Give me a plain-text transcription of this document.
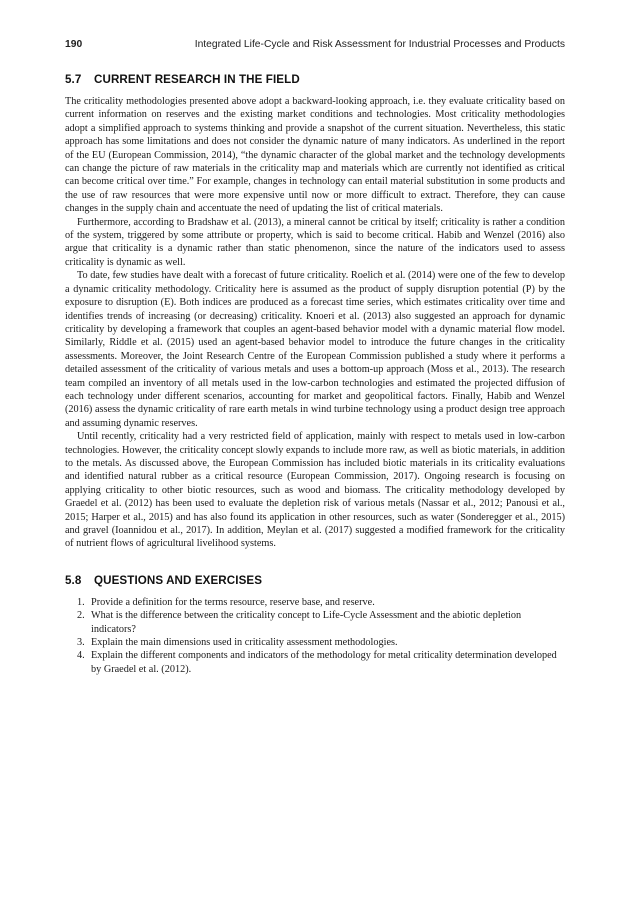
190	Integrated Life-Cycle and Risk Assessment for Industrial Processes and Products
5.7	CURRENT RESEARCH IN THE FIELD

The criticality methodologies presented above adopt a backward-looking approach, i.e. they evaluate criticality based on current information on reserves and the existing market conditions and technologies. Most criticality methodologies adopt a simplified approach to systems thinking and provide a snapshot of the current situation. Nevertheless, this static approach has some limitations and does not consider the dynamic nature of many indicators. As underlined in the report of the EU (European Commission, 2014), “the dynamic character of the global market and the technology developments can change the picture of raw materials in the criticality map and materials which are currently not identified as critical can become critical over time.” For example, changes in technology can entail material substitution in some products and the use of raw resources that were more expensive until now or more difficult to extract. Therefore, they can cause changes in the supply chain and accentuate the need of updating the list of critical materials.

Furthermore, according to Bradshaw et al. (2013), a mineral cannot be critical by itself; criticality is rather a condition of the system, triggered by some attribute or property, which is said to become critical. Habib and Wenzel (2016) also argue that criticality is a dynamic rather than static phenomenon, since the nature of the indicators used to assess criticality is dynamic as well.

To date, few studies have dealt with a forecast of future criticality. Roelich et al. (2014) were one of the few to develop a dynamic criticality methodology. Criticality here is assumed as the product of supply disruption potential (P) by the exposure to disruption (E). Both indices are produced as a forecast time series, which estimates criticality over time and identifies trends of increasing (or decreasing) criticality. Knoeri et al. (2013) also suggested an approach for dynamic criticality by developing a framework that couples an agent-based behavior model with a dynamic material flow model. Similarly, Riddle et al. (2015) used an agent-based behavior model to introduce the future changes in the criticality assessments. Moreover, the Joint Research Centre of the European Commission published a study where it performs a detailed assessment of the criticality of various metals and uses a bottom-up approach (Moss et al., 2013). The research team compiled an inventory of all metals used in the low-carbon technologies and estimated the projected diffusion of each technology under different scenarios, accounting for market and geopolitical factors. Finally, Habib and Wenzel (2016) assess the dynamic criticality of rare earth metals in wind turbine technology using a product design tree approach and assuming dynamic reserves.

Until recently, criticality had a very restricted field of application, mainly with respect to metals used in low-carbon technologies. However, the criticality concept slowly expands to include more raw, as well as biotic materials, in addition to the metals. As discussed above, the European Commission has included biotic materials in its criticality evaluations and identified natural rubber as a critical resource (European Commission, 2017). Ongoing research is focusing on applying criticality to other biotic resources, such as wood and biomass. The criticality methodology developed by Graedel et al. (2012) has been used to evaluate the depletion risk of various metals (Nassar et al., 2012; Panousi et al., 2015; Harper et al., 2015) and has also found its application in other resources, such as water (Sonderegger et al., 2015) and gravel (Ioannidou et al., 2017). In addition, Meylan et al. (2017) suggested a modified framework for the criticality of nutrient flows of agricultural livelihood systems.

5.8	QUESTIONS AND EXERCISES
1. Provide a definition for the terms resource, reserve base, and reserve.
2. What is the difference between the criticality concept to Life-Cycle Assessment and the abiotic depletion indicators?
3. Explain the main dimensions used in criticality assessment methodologies.
4. Explain the different components and indicators of the methodology for metal criticality determination developed by Graedel et al. (2012).
